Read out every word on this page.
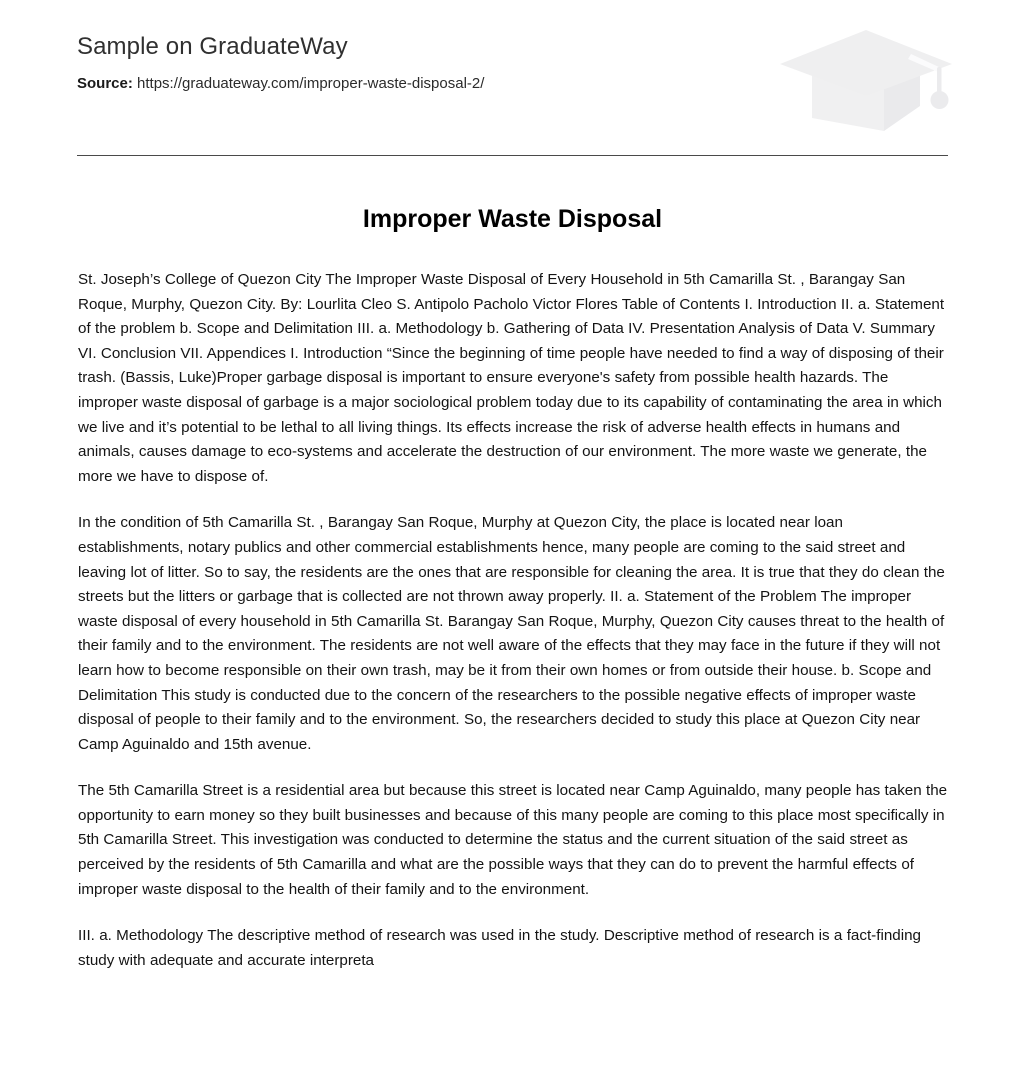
Sample on GraduateWay
Source: https://graduateway.com/improper-waste-disposal-2/
Improper Waste Disposal

St. Joseph’s College of Quezon City The Improper Waste Disposal of Every Household in 5th Camarilla St. , Barangay San Roque, Murphy, Quezon City. By: Lourlita Cleo S. Antipolo Pacholo Victor Flores Table of Contents I. Introduction II. a. Statement of the problem b. Scope and Delimitation III. a. Methodology b. Gathering of Data IV. Presentation Analysis of Data V. Summary VI. Conclusion VII. Appendices I. Introduction “Since the beginning of time people have needed to find a way of disposing of their trash. (Bassis, Luke)Proper garbage disposal is important to ensure everyone's safety from possible health hazards. The improper waste disposal of garbage is a major sociological problem today due to its capability of contaminating the area in which we live and it’s potential to be lethal to all living things. Its effects increase the risk of adverse health effects in humans and animals, causes damage to eco-systems and accelerate the destruction of our environment. The more waste we generate, the more we have to dispose of.

In the condition of 5th Camarilla St. , Barangay San Roque, Murphy at Quezon City, the place is located near loan establishments, notary publics and other commercial establishments hence, many people are coming to the said street and leaving lot of litter. So to say, the residents are the ones that are responsible for cleaning the area. It is true that they do clean the streets but the litters or garbage that is collected are not thrown away properly. II. a. Statement of the Problem The improper waste disposal of every household in 5th Camarilla St. Barangay San Roque, Murphy, Quezon City causes threat to the health of their family and to the environment. The residents are not well aware of the effects that they may face in the future if they will not learn how to become responsible on their own trash, may be it from their own homes or from outside their house. b. Scope and Delimitation This study is conducted due to the concern of the researchers to the possible negative effects of improper waste disposal of people to their family and to the environment. So, the researchers decided to study this place at Quezon City near Camp Aguinaldo and 15th avenue.

The 5th Camarilla Street is a residential area but because this street is located near Camp Aguinaldo, many people has taken the opportunity to earn money so they built businesses and because of this many people are coming to this place most specifically in 5th Camarilla Street. This investigation was conducted to determine the status and the current situation of the said street as perceived by the residents of 5th Camarilla and what are the possible ways that they can do to prevent the harmful effects of improper waste disposal to the health of their family and to the environment.

III. a. Methodology The descriptive method of research was used in the study. Descriptive method of research is a fact-finding study with adequate and accurate interpreta
